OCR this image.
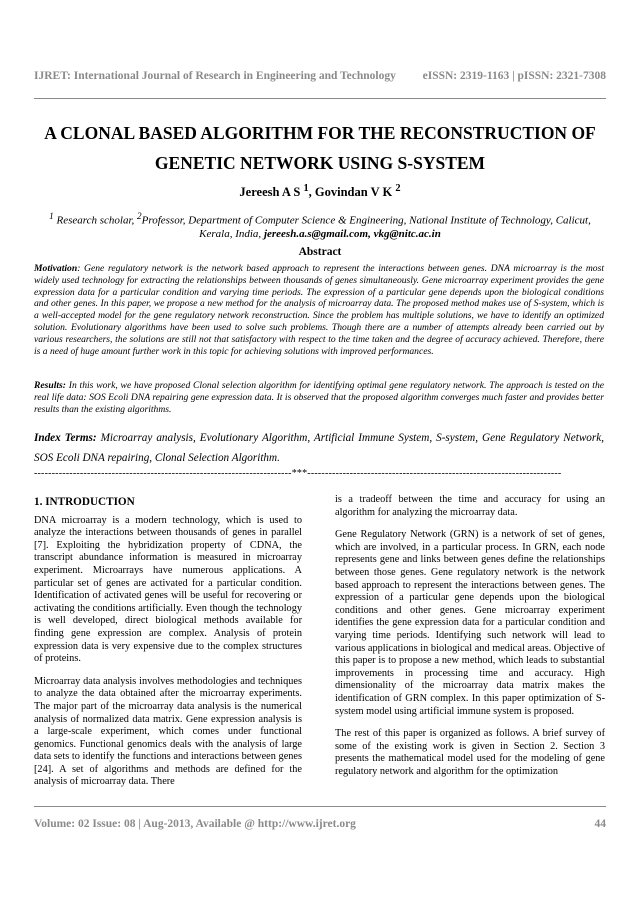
IJRET: International Journal of Research in Engineering and Technology eISSN: 2319-1163 | pISSN: 2321-7308
A CLONAL BASED ALGORITHM FOR THE RECONSTRUCTION OF
GENETIC NETWORK USING S-SYSTEM
Jereesh A S $^1$, Govindan V K $^2$
$^1$ Research scholar, $^2$Professor, Department of Computer Science & Engineering, National Institute of Technology, Calicut, Kerala, India, jereesh.a.s@gmail.com, vkg@nitc.ac.in
Abstract
Motivation: Gene regulatory network is the network based approach to represent the interactions between genes. DNA microarray is the most widely used technology for extracting the relationships between thousands of genes simultaneously. Gene microarray experiment provides the gene expression data for a particular condition and varying time periods. The expression of a particular gene depends upon the biological conditions and other genes. In this paper, we propose a new method for the analysis of microarray data. The proposed method makes use of S-system, which is a well-accepted model for the gene regulatory network reconstruction. Since the problem has multiple solutions, we have to identify an optimized solution. Evolutionary algorithms have been used to solve such problems. Though there are a number of attempts already been carried out by various researchers, the solutions are still not that satisfactory with respect to the time taken and the degree of accuracy achieved. Therefore, there is a need of huge amount further work in this topic for achieving solutions with improved performances.
Results: In this work, we have proposed Clonal selection algorithm for identifying optimal gene regulatory network. The approach is tested on the real life data: SOS Ecoli DNA repairing gene expression data. It is observed that the proposed algorithm converges much faster and provides better results than the existing algorithms.
Index Terms: Microarray analysis, Evolutionary Algorithm, Artificial Immune System, S-system, Gene Regulatory Network, SOS Ecoli DNA repairing, Clonal Selection Algorithm.
-------------------------------------------------------------------------***------------------------------------------------------------------------
1. INTRODUCTION

DNA microarray is a modern technology, which is used to analyze the interactions between thousands of genes in parallel [7]. Exploiting the hybridization property of CDNA, the transcript abundance information is measured in microarray experiment. Microarrays have numerous applications. A particular set of genes are activated for a particular condition. Identification of activated genes will be useful for recovering or activating the conditions artificially. Even though the technology is well developed, direct biological methods available for finding gene expression are complex. Analysis of protein expression data is very expensive due to the complex structures of proteins.

Microarray data analysis involves methodologies and techniques to analyze the data obtained after the microarray experiments. The major part of the microarray data analysis is the numerical analysis of normalized data matrix. Gene expression analysis is a large-scale experiment, which comes under functional genomics. Functional genomics deals with the analysis of large data sets to identify the functions and interactions between genes [24]. A set of algorithms and methods are defined for the analysis of microarray data. There

is a tradeoff between the time and accuracy for using an algorithm for analyzing the microarray data.

Gene Regulatory Network (GRN) is a network of set of genes, which are involved, in a particular process. In GRN, each node represents gene and links between genes define the relationships between those genes. Gene regulatory network is the network based approach to represent the interactions between genes. The expression of a particular gene depends upon the biological conditions and other genes. Gene microarray experiment identifies the gene expression data for a particular condition and varying time periods. Identifying such network will lead to various applications in biological and medical areas. Objective of this paper is to propose a new method, which leads to substantial improvements in processing time and accuracy. High dimensionality of the microarray data matrix makes the identification of GRN complex. In this paper optimization of S-system model using artificial immune system is proposed.

The rest of this paper is organized as follows. A brief survey of some of the existing work is given in Section 2. Section 3 presents the mathematical model used for the modeling of gene regulatory network and algorithm for the optimization

Volume: 02 Issue: 08 | Aug-2013, Available @ http://www.ijret.org	44
